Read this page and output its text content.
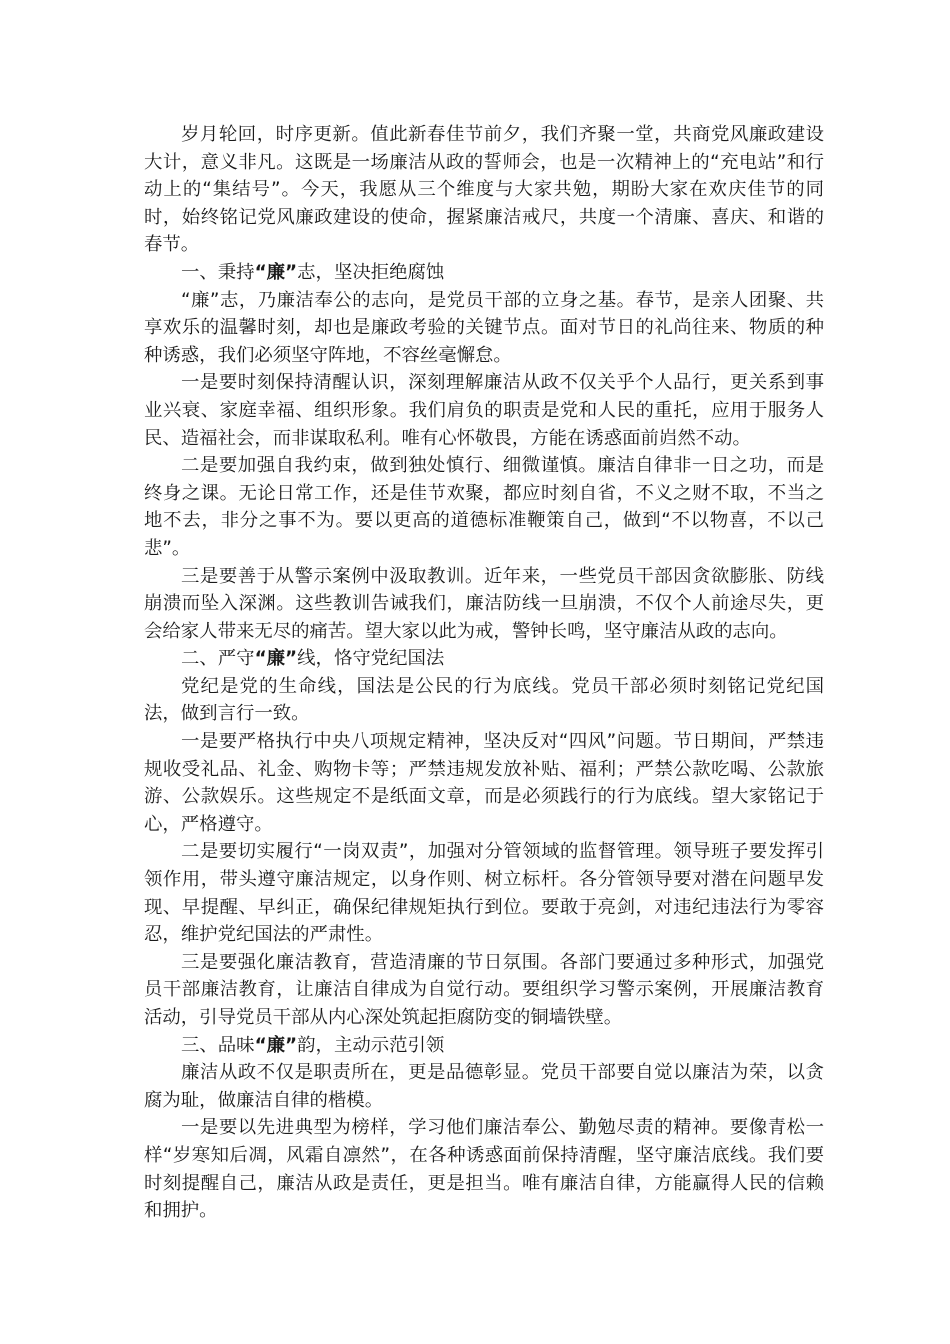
岁月轮回，时序更新。值此新春佳节前夕，我们齐聚一堂，共商党风廉政建设大计，意义非凡。这既是一场廉洁从政的誓师会，也是一次精神上的“充电站”和行动上的“集结号”。今天，我愿从三个维度与大家共勉，期盼大家在欢庆佳节的同时，始终铭记党风廉政建设的使命，握紧廉洁戒尺，共度一个清廉、喜庆、和谐的春节。

一、秉持“廉”志，坚决拒绝腐蚀

“廉”志，乃廉洁奉公的志向，是党员干部的立身之基。春节，是亲人团聚、共享欢乐的温馨时刻，却也是廉政考验的关键节点。面对节日的礼尚往来、物质的种种诱惑，我们必须坚守阵地，不容丝毫懈怠。

一是要时刻保持清醒认识，深刻理解廉洁从政不仅关乎个人品行，更关系到事业兴衰、家庭幸福、组织形象。我们肩负的职责是党和人民的重托，应用于服务人民、造福社会，而非谋取私利。唯有心怀敬畏，方能在诱惑面前岿然不动。

二是要加强自我约束，做到独处慎行、细微谨慎。廉洁自律非一日之功，而是终身之课。无论日常工作，还是佳节欢聚，都应时刻自省，不义之财不取，不当之地不去，非分之事不为。要以更高的道德标准鞭策自己，做到“不以物喜，不以己悲”。

三是要善于从警示案例中汲取教训。近年来，一些党员干部因贪欲膨胀、防线崩溃而坠入深渊。这些教训告诫我们，廉洁防线一旦崩溃，不仅个人前途尽失，更会给家人带来无尽的痛苦。望大家以此为戒，警钟长鸣，坚守廉洁从政的志向。

二、严守“廉”线，恪守党纪国法

党纪是党的生命线，国法是公民的行为底线。党员干部必须时刻铭记党纪国法，做到言行一致。

一是要严格执行中央八项规定精神，坚决反对“四风”问题。节日期间，严禁违规收受礼品、礼金、购物卡等；严禁违规发放补贴、福利；严禁公款吃喝、公款旅游、公款娱乐。这些规定不是纸面文章，而是必须践行的行为底线。望大家铭记于心，严格遵守。

二是要切实履行“一岗双责”，加强对分管领域的监督管理。领导班子要发挥引领作用，带头遵守廉洁规定，以身作则、树立标杆。各分管领导要对潜在问题早发现、早提醒、早纠正，确保纪律规矩执行到位。要敢于亮剑，对违纪违法行为零容忍，维护党纪国法的严肃性。

三是要强化廉洁教育，营造清廉的节日氛围。各部门要通过多种形式，加强党员干部廉洁教育，让廉洁自律成为自觉行动。要组织学习警示案例，开展廉洁教育活动，引导党员干部从内心深处筑起拒腐防变的铜墙铁壁。

三、品味“廉”韵，主动示范引领

廉洁从政不仅是职责所在，更是品德彰显。党员干部要自觉以廉洁为荣，以贪腐为耻，做廉洁自律的楷模。

一是要以先进典型为榜样，学习他们廉洁奉公、勤勉尽责的精神。要像青松一样“岁寒知后凋，风霜自凛然”，在各种诱惑面前保持清醒，坚守廉洁底线。我们要时刻提醒自己，廉洁从政是责任，更是担当。唯有廉洁自律，方能赢得人民的信赖和拥护。
